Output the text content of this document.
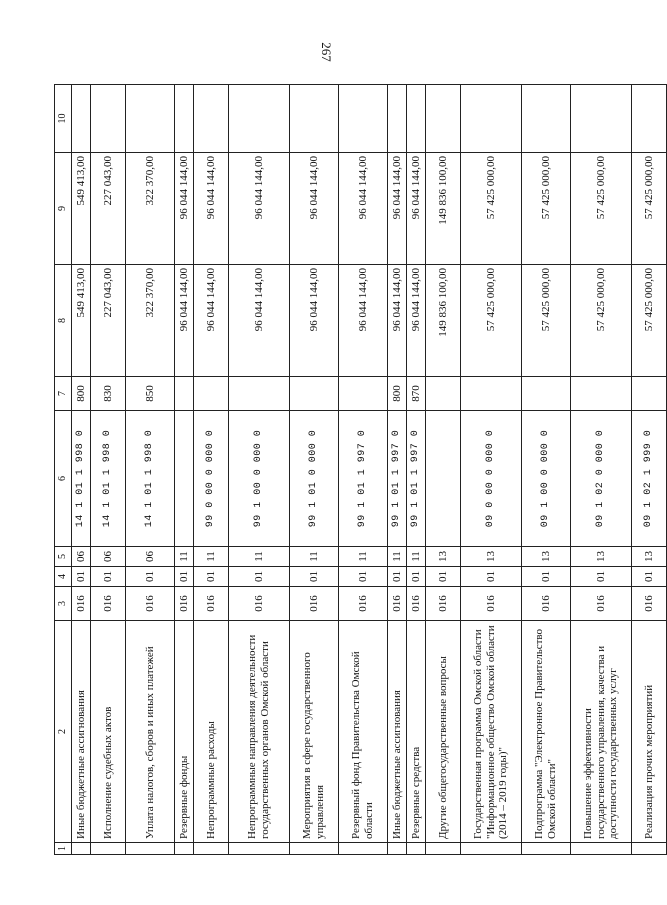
267
1	2	3	4	5	6	7	8	9	10
	Иные бюджетные ассигнования	016	01	06	14 1 01 1 998 0	800	549 413,00	549 413,00	
	Исполнение судебных актов	016	01	06	14 1 01 1 998 0	830	227 043,00	227 043,00	
	Уплата налогов, сборов и иных платежей	016	01	06	14 1 01 1 998 0	850	322 370,00	322 370,00	
	Резервные фонды	016	01	11			96 044 144,00	96 044 144,00	
	Непрограммные расходы	016	01	11	99 0 00 0 000 0		96 044 144,00	96 044 144,00	
	Непрограммные направления деятельности государственных органов Омской области	016	01	11	99 1 00 0 000 0		96 044 144,00	96 044 144,00	
	Мероприятия в сфере государственного управления	016	01	11	99 1 01 0 000 0		96 044 144,00	96 044 144,00	
	Резервный фонд Правительства Омской области	016	01	11	99 1 01 1 997 0		96 044 144,00	96 044 144,00	
	Иные бюджетные ассигнования	016	01	11	99 1 01 1 997 0	800	96 044 144,00	96 044 144,00	
	Резервные средства	016	01	11	99 1 01 1 997 0	870	96 044 144,00	96 044 144,00	
	Другие общегосударственные вопросы	016	01	13			149 836 100,00	149 836 100,00	
	Государственная программа Омской области "Информационное общество Омской области (2014 – 2019 годы)"	016	01	13	09 0 00 0 000 0		57 425 000,00	57 425 000,00	
	Подпрограмма "Электронное Правительство Омской области"	016	01	13	09 1 00 0 000 0		57 425 000,00	57 425 000,00	
	Повышение эффективности государственного управления, качества и доступности государственных услуг	016	01	13	09 1 02 0 000 0		57 425 000,00	57 425 000,00	
	Реализация прочих мероприятий	016	01	13	09 1 02 1 999 0		57 425 000,00	57 425 000,00	
